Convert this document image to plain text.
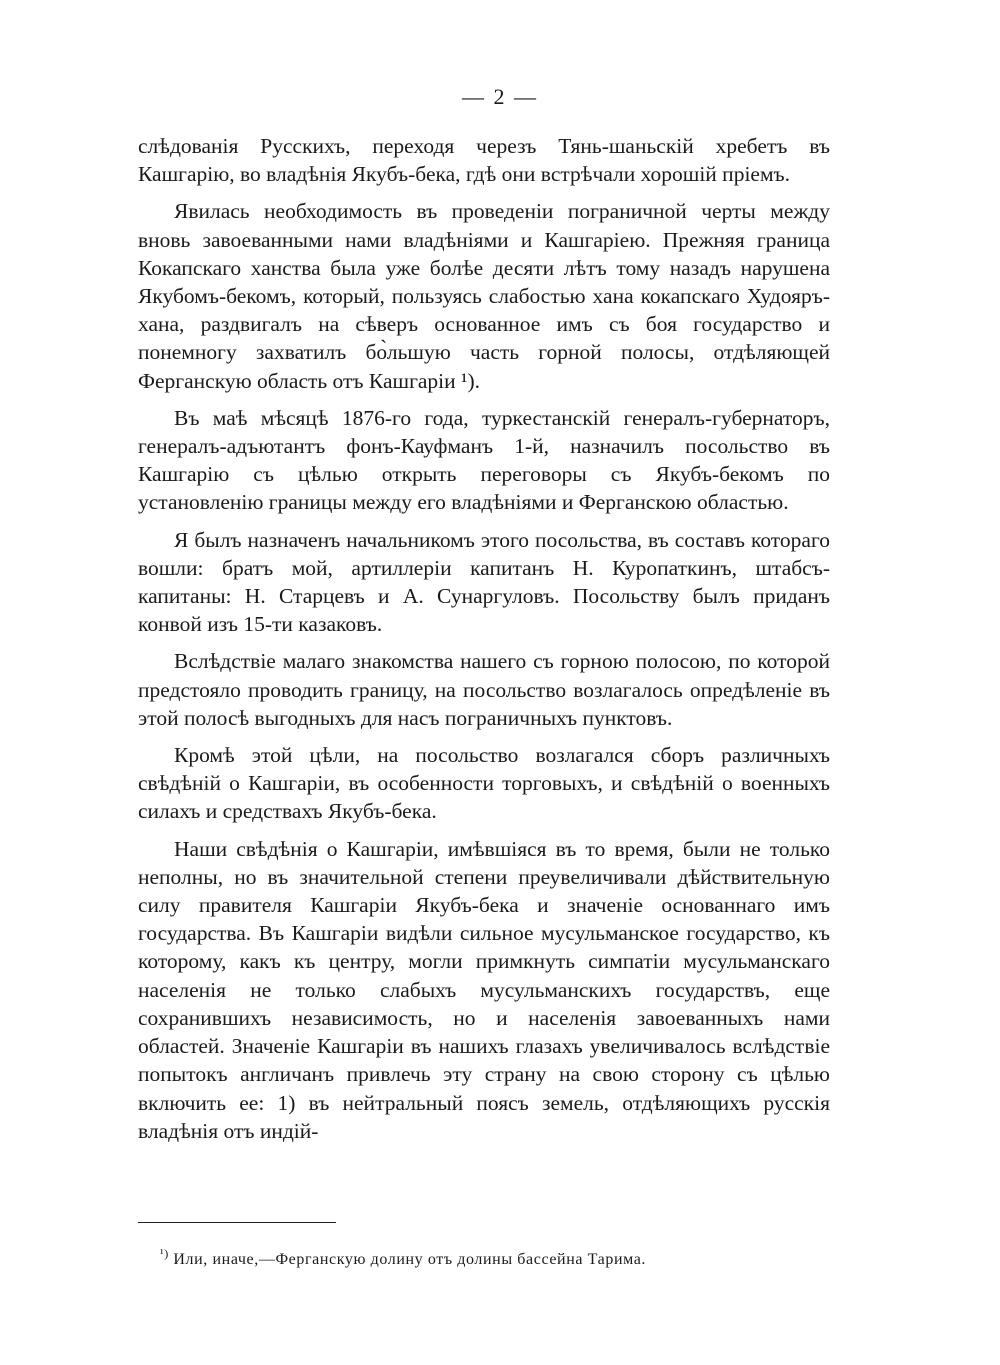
— 2 —

слѣдованія Русскихъ, переходя черезъ Тянь-шаньскій хребетъ въ Кашгарію, во владѣнія Якубъ-бека, гдѣ они встрѣчали хорошій пріемъ.

Явилась необходимость въ проведеніи пограничной черты между вновь завоеванными нами владѣніями и Кашгаріею. Прежняя граница Кокапскаго ханства была уже болѣе десяти лѣтъ тому назадъ нарушена Якубомъ-бекомъ, который, пользуясь слабостью хана кокапскаго Худояръ-хана, раздвигалъ на сѣверъ основанное имъ съ боя государство и понемногу захватилъ бо̀льшую часть горной полосы, отдѣляющей Ферганскую область отъ Кашгаріи ¹).

Въ маѣ мѣсяцѣ 1876-го года, туркестанскій генералъ-губернаторъ, генералъ-адъютантъ фонъ-Кауфманъ 1-й, назначилъ посольство въ Кашгарію съ цѣлью открыть переговоры съ Якубъ-бекомъ по установленію границы между его владѣніями и Ферганскою областью.

Я былъ назначенъ начальникомъ этого посольства, въ составъ котораго вошли: братъ мой, артиллеріи капитанъ Н. Куропаткинъ, штабсъ-капитаны: Н. Старцевъ и А. Сунаргуловъ. Посольству былъ приданъ конвой изъ 15-ти казаковъ.

Вслѣдствіе малаго знакомства нашего съ горною полосою, по которой предстояло проводить границу, на посольство возлагалось опредѣленіе въ этой полосѣ выгодныхъ для насъ пограничныхъ пунктовъ.

Кромѣ этой цѣли, на посольство возлагался сборъ различныхъ свѣдѣній о Кашгаріи, въ особенности торговыхъ, и свѣдѣній о военныхъ силахъ и средствахъ Якубъ-бека.

Наши свѣдѣнія о Кашгаріи, имѣвшіяся въ то время, были не только неполны, но въ значительной степени преувеличивали дѣйствительную силу правителя Кашгаріи Якубъ-бека и значеніе основаннаго имъ государства. Въ Кашгаріи видѣли сильное мусульманское государство, къ которому, какъ къ центру, могли примкнуть симпатіи мусульманскаго населенія не только слабыхъ мусульманскихъ государствъ, еще сохранившихъ независимость, но и населенія завоеванныхъ нами областей. Значеніе Кашгаріи въ нашихъ глазахъ увеличивалось вслѣдствіе попытокъ англичанъ привлечь эту страну на свою сторону съ цѣлью включить ее: 1) въ нейтральный поясъ земель, отдѣляющихъ русскія владѣнія отъ индій-

$^{^1)}$ Или, иначе,—Ферганскую долину отъ долины бассейна Тарима.
